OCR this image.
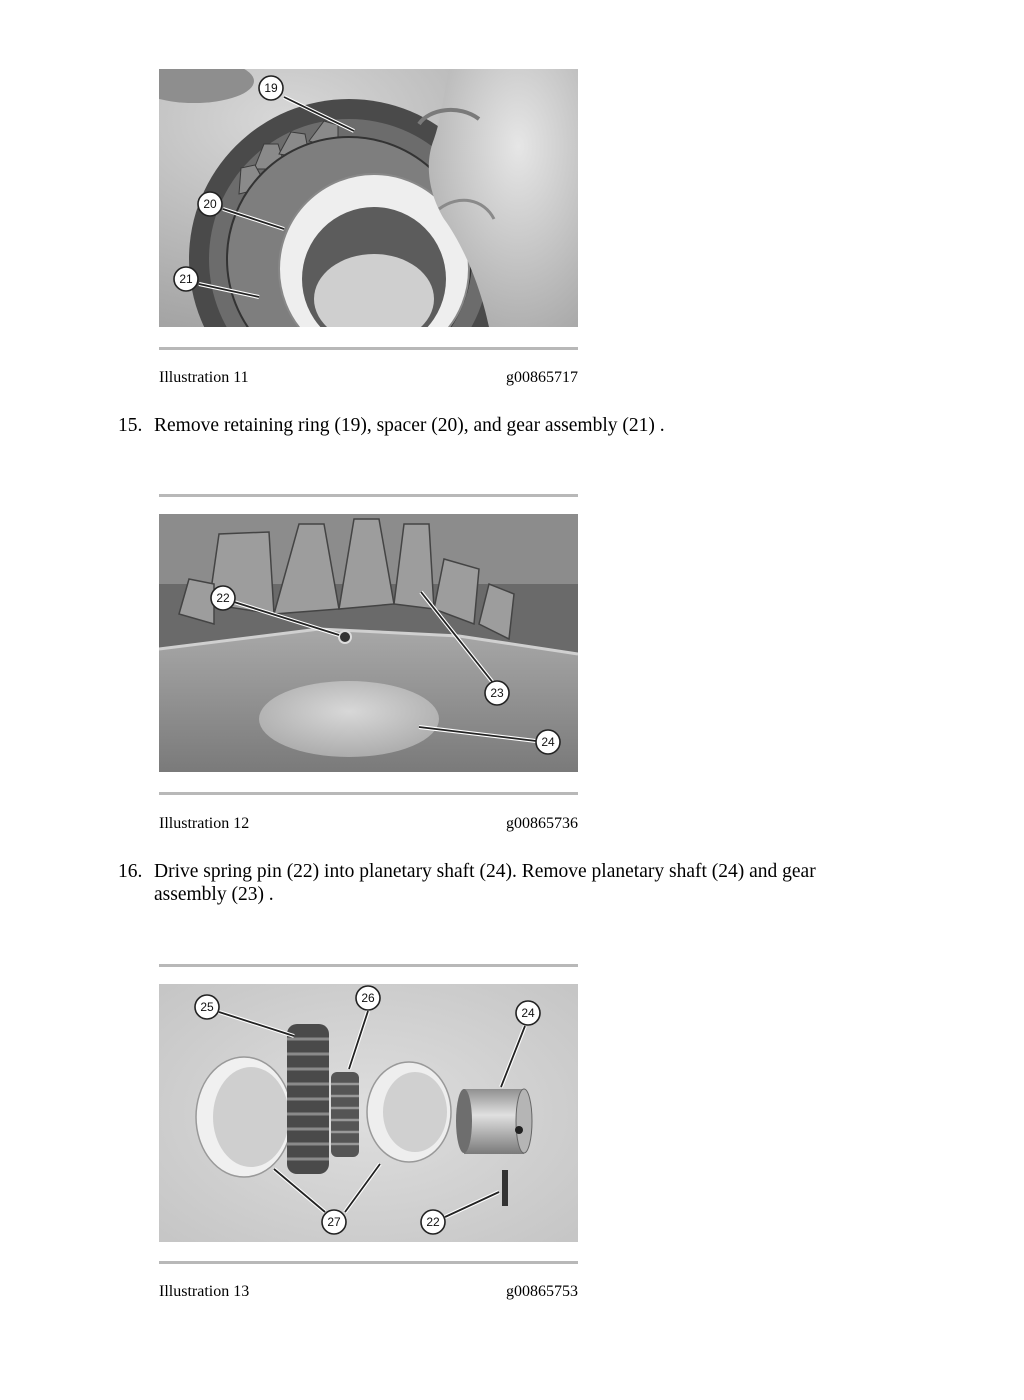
19
20
21
Illustration 11	g00865717
15. Remove retaining ring (19), spacer (20), and gear assembly (21) .
22
23
24
Illustration 12	g00865736
16. Drive spring pin (22) into planetary shaft (24). Remove planetary shaft (24) and gear assembly (23) .
25
26
24
27	22
Illustration 13	g00865753
